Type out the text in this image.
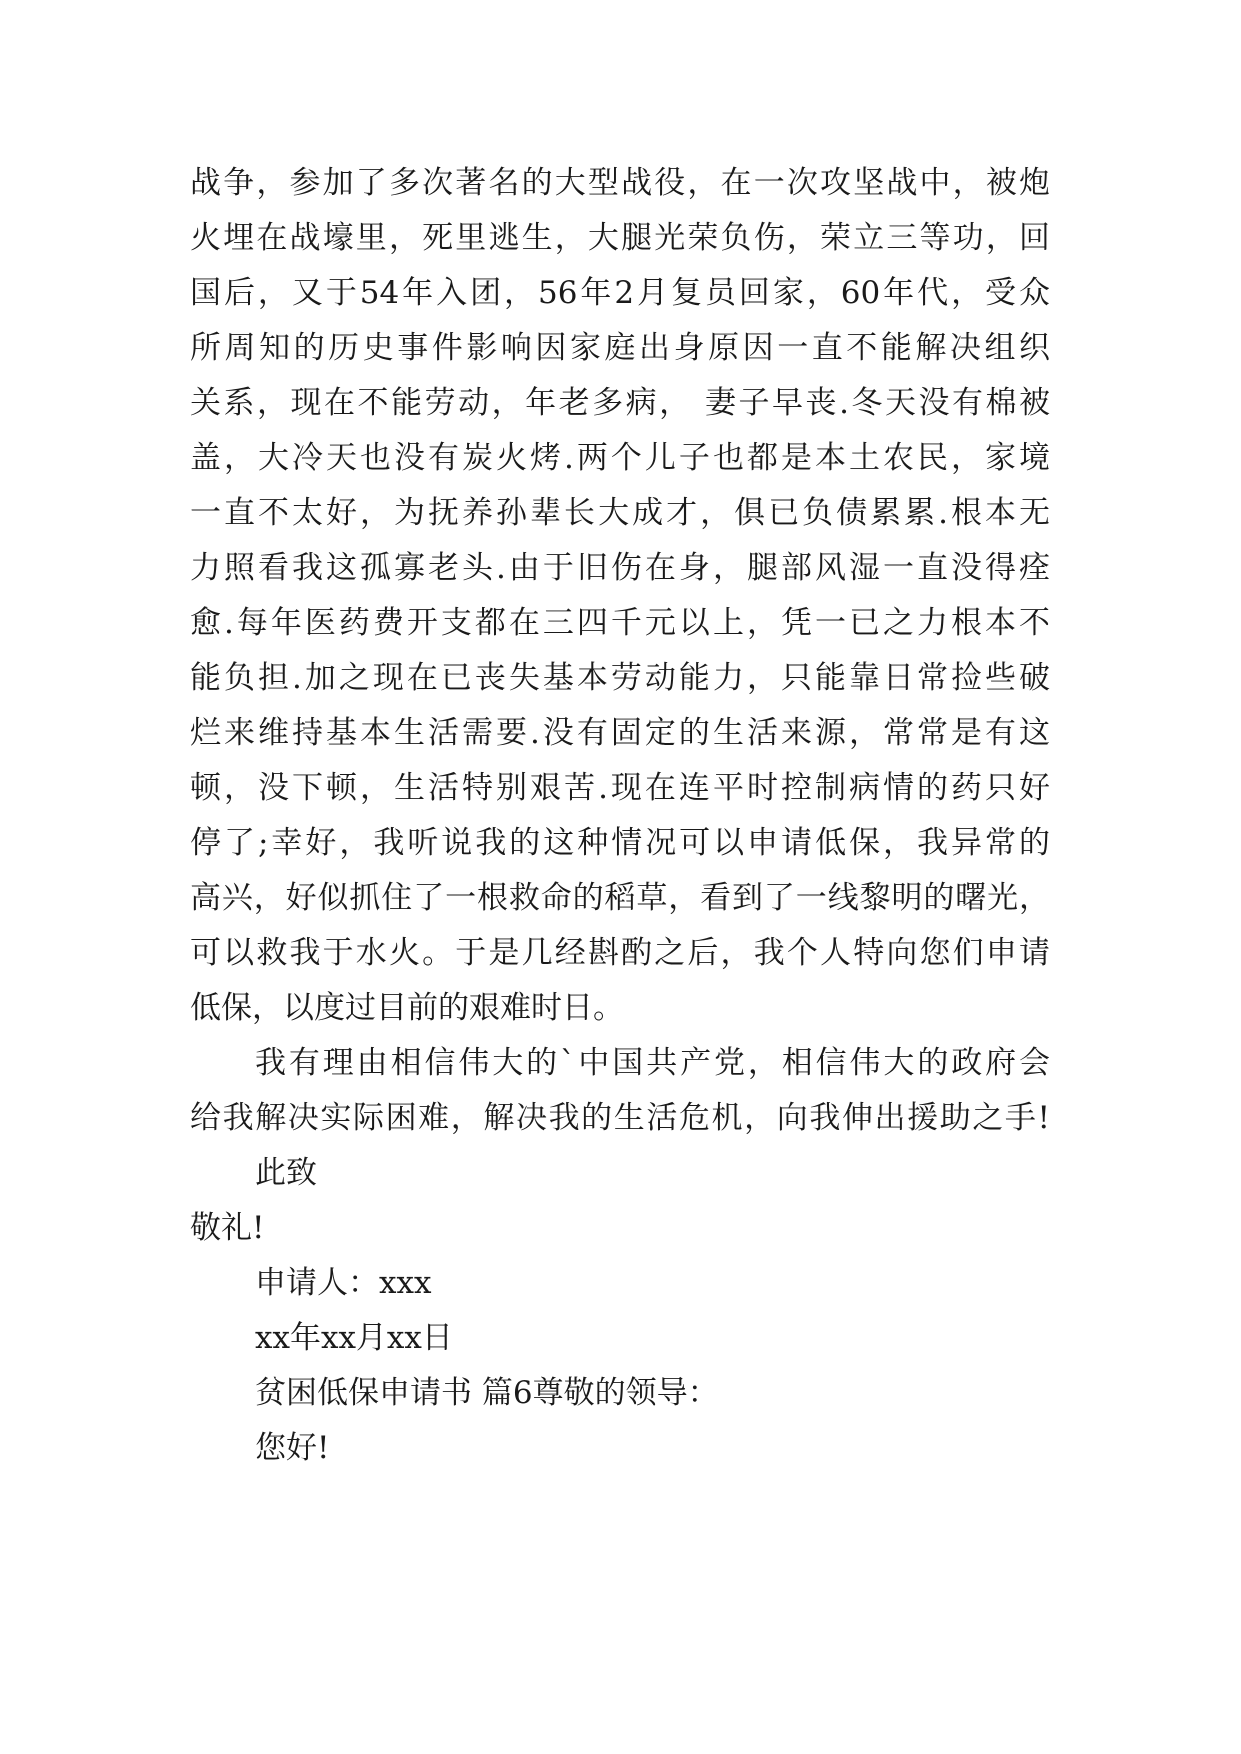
战争，参加了多次著名的大型战役，在一次攻坚战中，被炮
火埋在战壕里，死里逃生，大腿光荣负伤，荣立三等功，回
国后，又于54年入团，56年2月复员回家，60年代，受众
所周知的历史事件影响因家庭出身原因一直不能解决组织
关系，现在不能劳动，年老多病， 妻子早丧.冬天没有棉被
盖，大冷天也没有炭火烤.两个儿子也都是本土农民，家境
一直不太好，为抚养孙辈长大成才，俱已负债累累.根本无
力照看我这孤寡老头.由于旧伤在身，腿部风湿一直没得痊
愈.每年医药费开支都在三四千元以上，凭一已之力根本不
能负担.加之现在已丧失基本劳动能力，只能靠日常捡些破
烂来维持基本生活需要.没有固定的生活来源，常常是有这
顿，没下顿，生活特别艰苦.现在连平时控制病情的药只好
停了;幸好，我听说我的这种情况可以申请低保，我异常的
高兴，好似抓住了一根救命的稻草，看到了一线黎明的曙光，
可以救我于水火。于是几经斟酌之后，我个人特向您们申请
低保，以度过目前的艰难时日。
我有理由相信伟大的`中国共产党，相信伟大的政府会
给我解决实际困难，解决我的生活危机，向我伸出援助之手!
此致
敬礼!
申请人：xxx
xx年xx月xx日
贫困低保申请书 篇6尊敬的领导：
您好!
